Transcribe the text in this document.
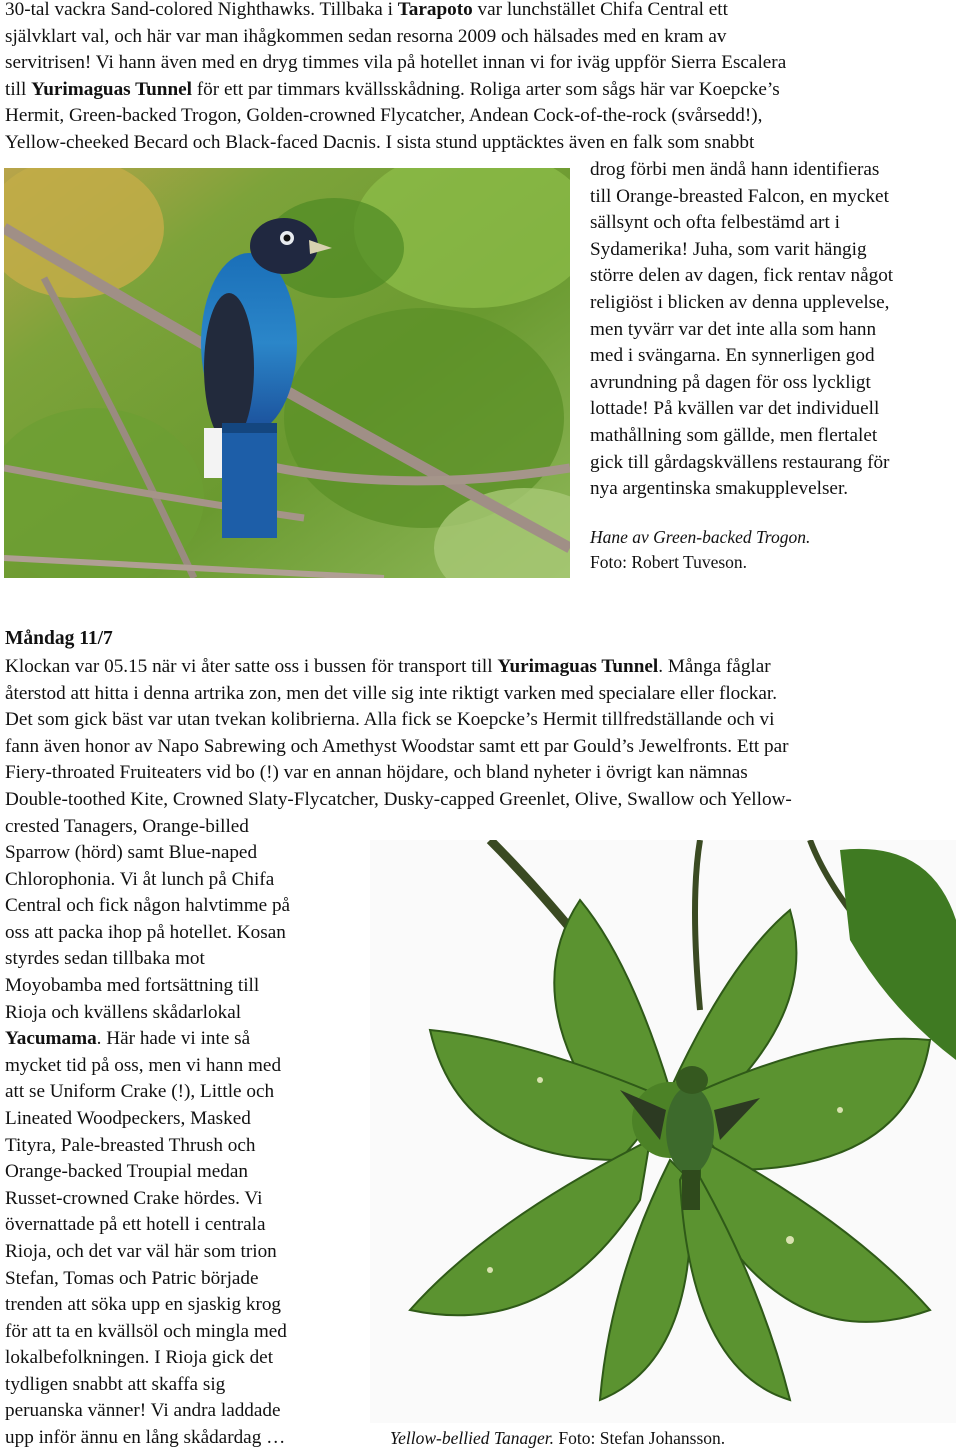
30-tal vackra Sand-colored Nighthawks. Tillbaka i Tarapoto var lunchstället Chifa Central ett
självklart val, och här var man ihågkommen sedan resorna 2009 och hälsades med en kram av
servitrisen! Vi hann även med en dryg timmes vila på hotellet innan vi for iväg uppför Sierra Escalera
till Yurimaguas Tunnel för ett par timmars kvällsskådning. Roliga arter som sågs här var Koepcke’s
Hermit, Green-backed Trogon, Golden-crowned Flycatcher, Andean Cock-of-the-rock (svårsedd!),
Yellow-cheeked Becard och Black-faced Dacnis. I sista stund upptäcktes även en falk som snabbt
drog förbi men ändå hann identifieras
till Orange-breasted Falcon, en mycket
sällsynt och ofta felbestämd art i
Sydamerika! Juha, som varit hängig
större delen av dagen, fick rentav något
religiöst i blicken av denna upplevelse,
men tyvärr var det inte alla som hann
med i svängarna. En synnerligen god
avrundning på dagen för oss lyckligt
lottade! På kvällen var det individuell
mathållning som gällde, men flertalet
gick till gårdagskvällens restaurang för
nya argentinska smakupplevelser.
Hane av Green-backed Trogon.
Foto: Robert Tuveson.
Måndag 11/7
Klockan var 05.15 när vi åter satte oss i bussen för transport till Yurimaguas Tunnel. Många fåglar
återstod att hitta i denna artrika zon, men det ville sig inte riktigt varken med specialare eller flockar.
Det som gick bäst var utan tvekan kolibrierna. Alla fick se Koepcke’s Hermit tillfredställande och vi
fann även honor av Napo Sabrewing och Amethyst Woodstar samt ett par Gould’s Jewelfronts. Ett par
Fiery-throated Fruiteaters vid bo (!) var en annan höjdare, och bland nyheter i övrigt kan nämnas
Double-toothed Kite, Crowned Slaty-Flycatcher, Dusky-capped Greenlet, Olive, Swallow och Yellow-
crested Tanagers, Orange-billed
Sparrow (hörd) samt Blue-naped
Chlorophonia. Vi åt lunch på Chifa
Central och fick någon halvtimme på
oss att packa ihop på hotellet. Kosan
styrdes sedan tillbaka mot
Moyobamba med fortsättning till
Rioja och kvällens skådarlokal
Yacumama. Här hade vi inte så
mycket tid på oss, men vi hann med
att se Uniform Crake (!), Little och
Lineated Woodpeckers, Masked
Tityra, Pale-breasted Thrush och
Orange-backed Troupial medan
Russet-crowned Crake hördes. Vi
övernattade på ett hotell i centrala
Rioja, och det var väl här som trion
Stefan, Tomas och Patric började
trenden att söka upp en sjaskig krog
för att ta en kvällsöl och mingla med
lokalbefolkningen. I Rioja gick det
tydligen snabbt att skaffa sig
peruanska vänner! Vi andra laddade
upp inför ännu en lång skådardag …	Yellow-bellied Tanager. Foto: Stefan Johansson.
